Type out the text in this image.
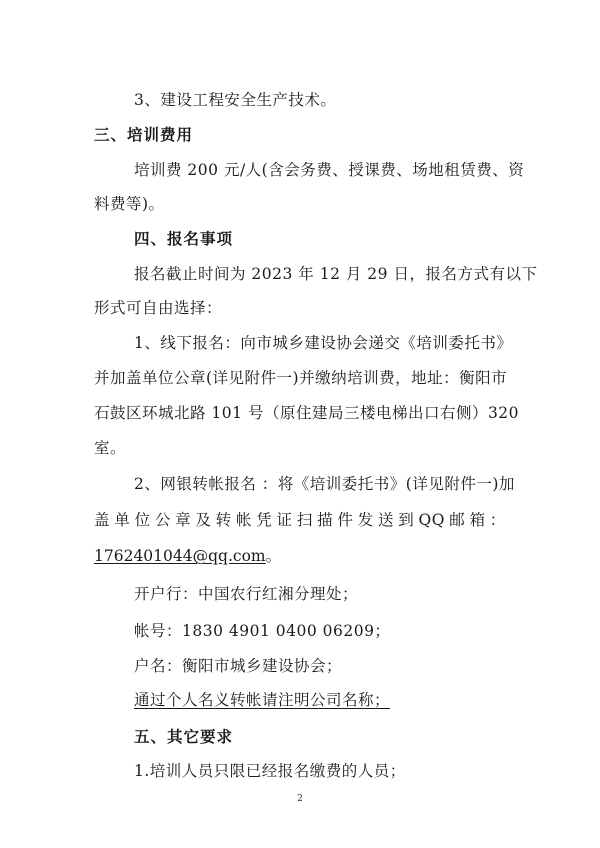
3、建设工程安全生产技术。
三、培训费用
培训费 200 元/人(含会务费、授课费、场地租赁费、资
料费等)。
四、报名事项
报名截止时间为 2023 年 12 月 29 日，报名方式有以下
形式可自由选择：
1、线下报名：向市城乡建设协会递交《培训委托书》
并加盖单位公章(详见附件一)并缴纳培训费，地址：衡阳市
石鼓区环城北路 101 号（原住建局三楼电梯出口右侧）320
室。
2、网银转帐报名 ：将《培训委托书》(详见附件一)加
盖 单 位 公 章 及 转 帐 凭 证 扫 描 件 发 送 到 QQ 邮 箱 ：
1762401044@qq.com。
开户行：中国农行红湘分理处；
帐号：1830 4901 0400 06209；
户名：衡阳市城乡建设协会；
通过个人名义转帐请注明公司名称；
五、其它要求
1.培训人员只限已经报名缴费的人员；
2
